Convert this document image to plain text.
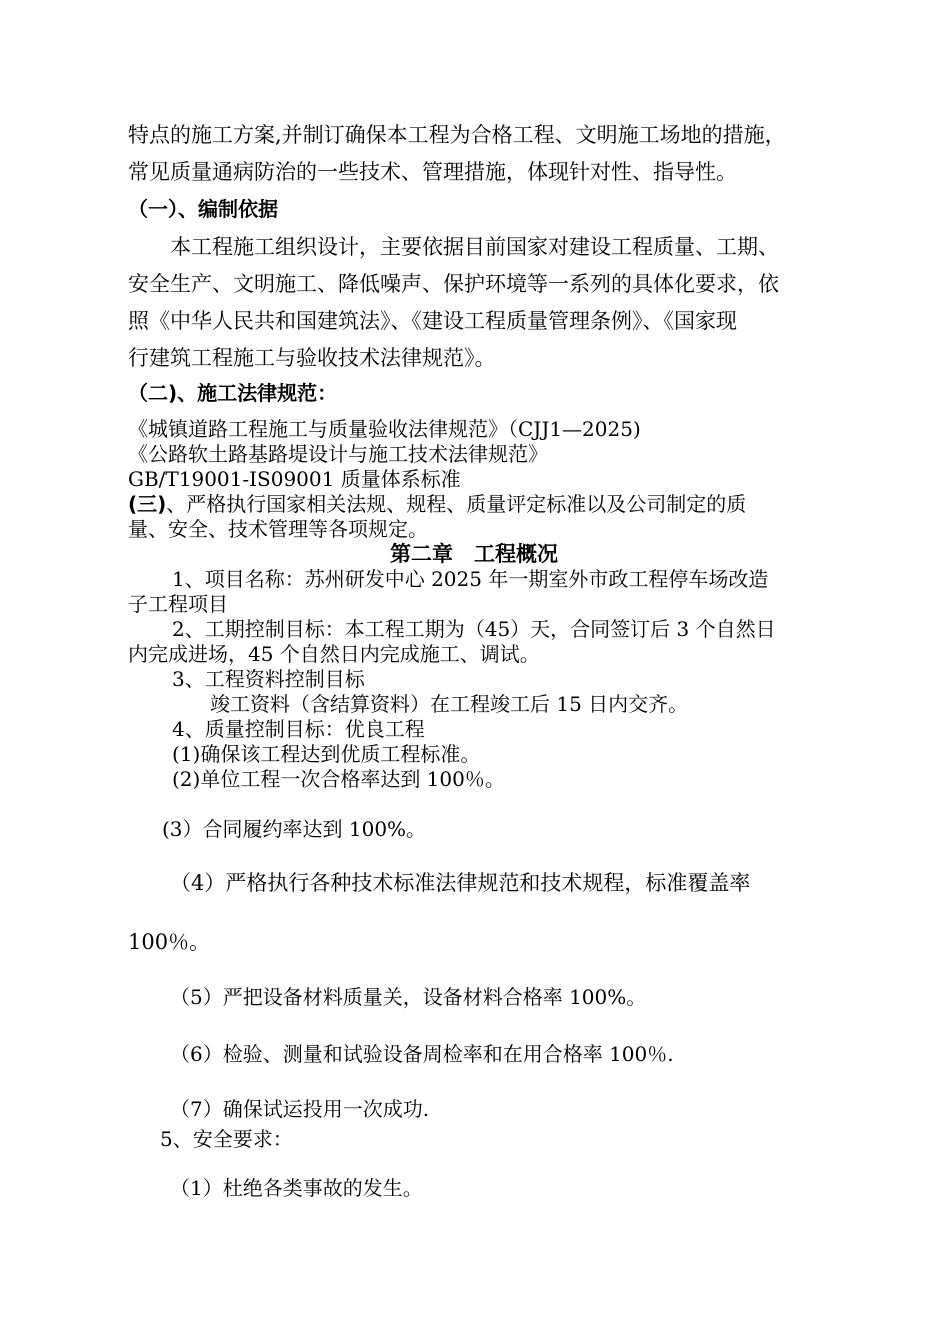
特点的施工方案,并制订确保本工程为合格工程、文明施工场地的措施，
常见质量通病防治的一些技术、管理措施，体现针对性、指导性。
（一）、编制依据
本工程施工组织设计，主要依据目前国家对建设工程质量、工期、
安全生产、文明施工、降低噪声、保护环境等一系列的具体化要求，依
照《中华人民共和国建筑法》、《建设工程质量管理条例》、《国家现
行建筑工程施工与验收技术法律规范》。
（二)、施工法律规范：
《城镇道路工程施工与质量验收法律规范》（CJJ1—2025)
《公路软土路基路堤设计与施工技术法律规范》
GB/T19001-IS09001 质量体系标准
(三)、严格执行国家相关法规、规程、质量评定标准以及公司制定的质
量、安全、技术管理等各项规定。
第二章　工程概况
1、项目名称：苏州研发中心 2025 年一期室外市政工程停车场改造
子工程项目
2、工期控制目标：本工程工期为（45）天，合同签订后 3 个自然日
内完成进场，45 个自然日内完成施工、调试。
3、工程资料控制目标
竣工资料（含结算资料）在工程竣工后 15 日内交齐。
4、质量控制目标：优良工程
(1)确保该工程达到优质工程标准。
(2)单位工程一次合格率达到 100％。
(3）合同履约率达到 100%。
（4）严格执行各种技术标准法律规范和技术规程，标准覆盖率
100％。
（5）严把设备材料质量关，设备材料合格率 100%。
（6）检验、测量和试验设备周检率和在用合格率 100％.
（7）确保试运投用一次成功.
5、安全要求：
（1）杜绝各类事故的发生。
